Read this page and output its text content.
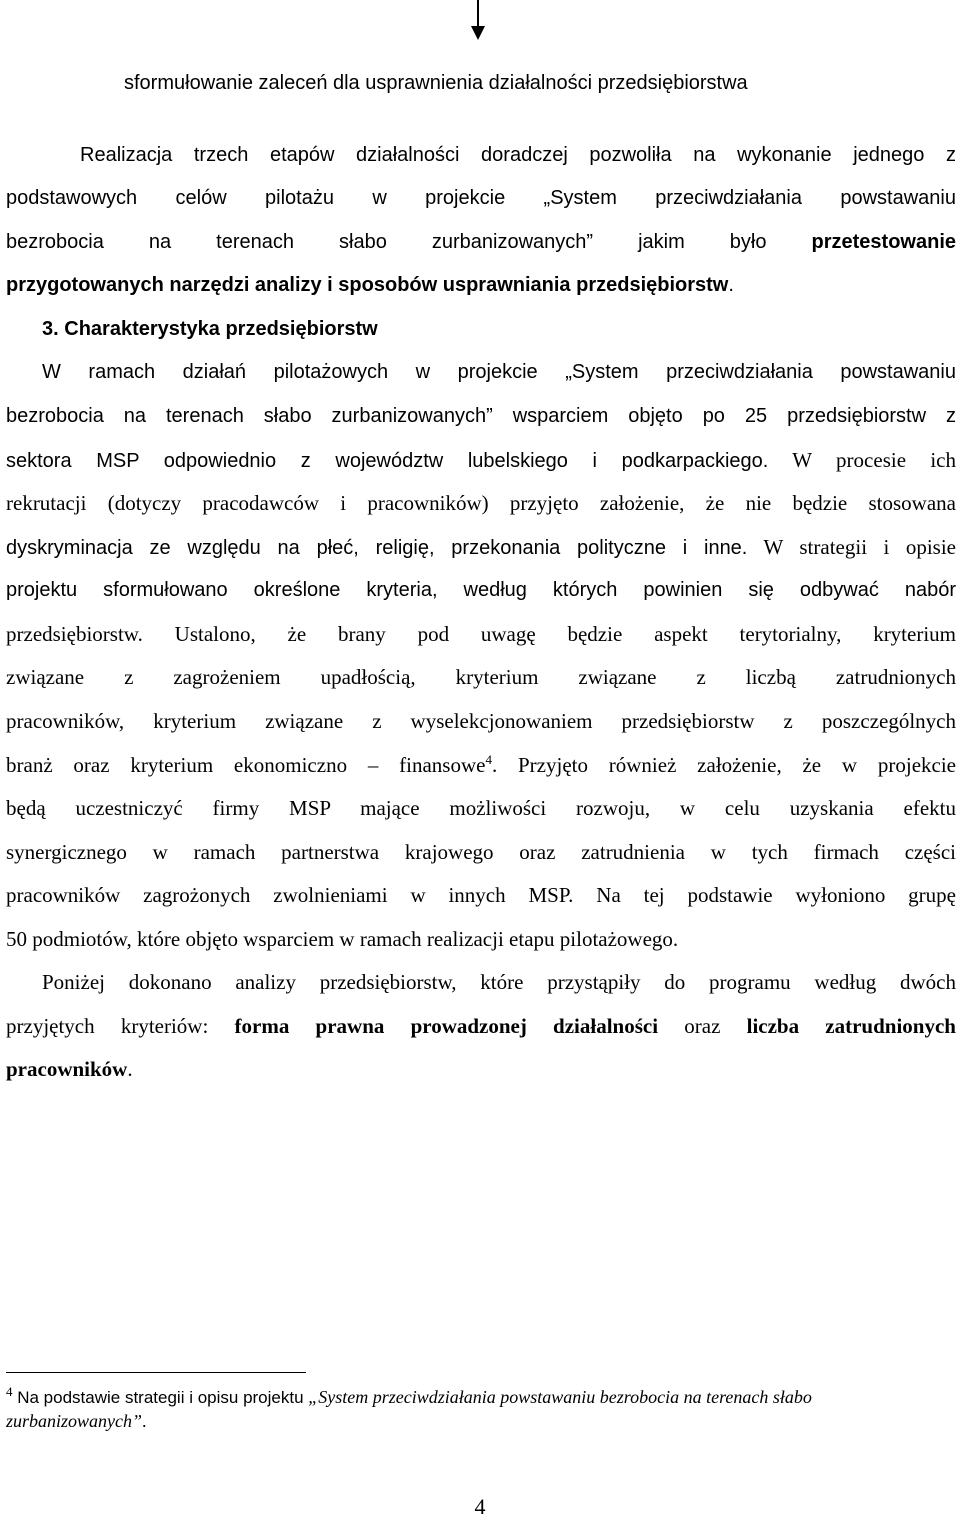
sformułowanie zaleceń dla usprawnienia działalności przedsiębiorstwa
Realizacja trzech etapów działalności doradczej pozwoliła na wykonanie jednego z
podstawowych celów pilotażu w projekcie „System przeciwdziałania powstawaniu
bezrobocia na terenach słabo zurbanizowanych” jakim było przetestowanie
przygotowanych narzędzi analizy i sposobów usprawniania przedsiębiorstw.
3. Charakterystyka przedsiębiorstw
W ramach działań pilotażowych w projekcie „System przeciwdziałania powstawaniu
bezrobocia na terenach słabo zurbanizowanych” wsparciem objęto po 25 przedsiębiorstw z
sektora MSP odpowiednio z województw lubelskiego i podkarpackiego. W procesie ich
rekrutacji (dotyczy pracodawców i pracowników) przyjęto założenie, że nie będzie stosowana
dyskryminacja ze względu na płeć, religię, przekonania polityczne i inne. W strategii i opisie
projektu sformułowano określone kryteria, według których powinien się odbywać nabór
przedsiębiorstw. Ustalono, że brany pod uwagę będzie aspekt terytorialny, kryterium
związane z zagrożeniem upadłością, kryterium związane z liczbą zatrudnionych
pracowników, kryterium związane z wyselekcjonowaniem przedsiębiorstw z poszczególnych
branż oraz kryterium ekonomiczno – finansowe$^4$. Przyjęto również założenie, że w projekcie
będą uczestniczyć firmy MSP mające możliwości rozwoju, w celu uzyskania efektu
synergicznego w ramach partnerstwa krajowego oraz zatrudnienia w tych firmach części
pracowników zagrożonych zwolnieniami w innych MSP. Na tej podstawie wyłoniono grupę
50 podmiotów, które objęto wsparciem w ramach realizacji etapu pilotażowego.
Poniżej dokonano analizy przedsiębiorstw, które przystąpiły do programu według dwóch
przyjętych kryteriów: forma prawna prowadzonej działalności oraz liczba zatrudnionych
pracowników.
$^4$ Na podstawie strategii i opisu projektu „System przeciwdziałania powstawaniu bezrobocia na terenach słabo
zurbanizowanych”.
4
